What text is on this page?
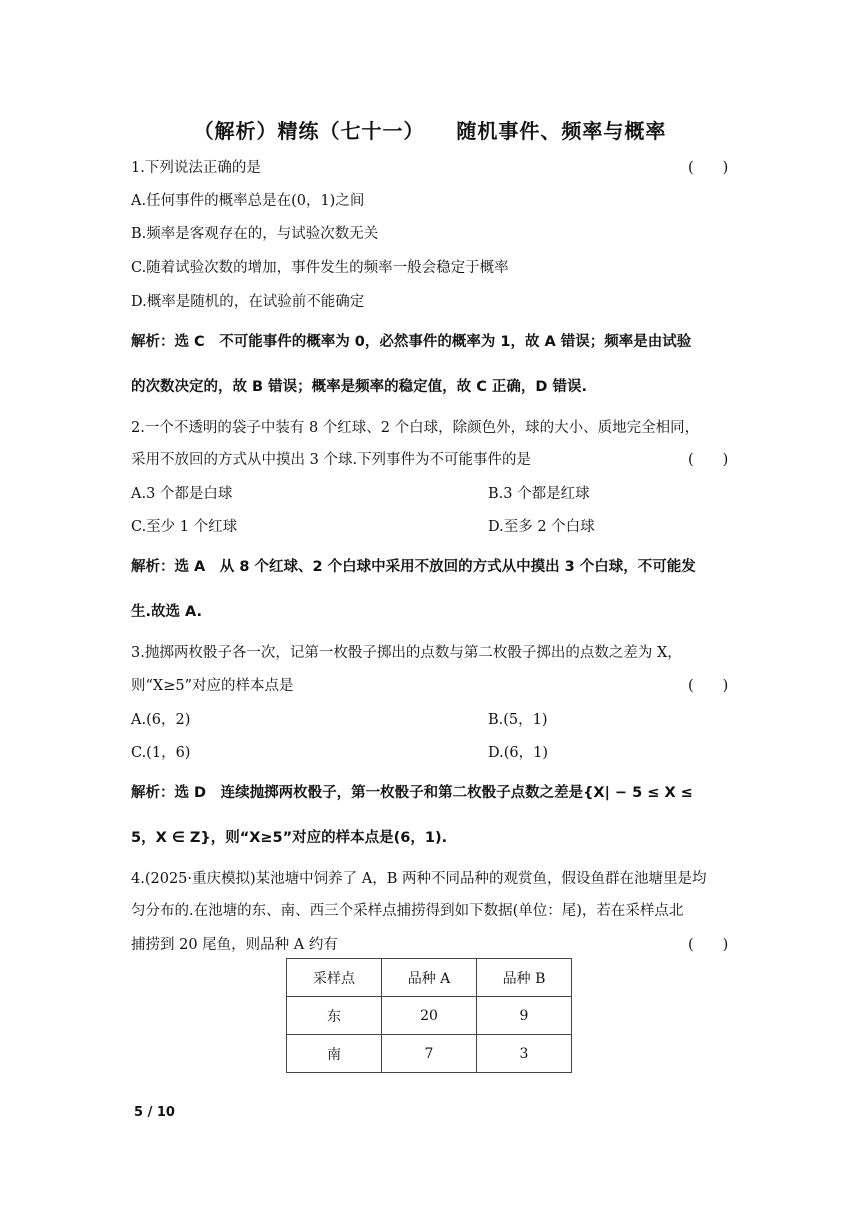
（解析）精练（七十一）    随机事件、频率与概率
1.下列说法正确的是	(　　)
A.任何事件的概率总是在(0，1)之间
B.频率是客观存在的，与试验次数无关
C.随着试验次数的增加，事件发生的频率一般会稳定于概率
D.概率是随机的，在试验前不能确定
解析：选 C　不可能事件的概率为 0，必然事件的概率为 1，故 A 错误；频率是由试验
的次数决定的，故 B 错误；概率是频率的稳定值，故 C 正确，D 错误.
2.一个不透明的袋子中装有 8 个红球、2 个白球，除颜色外，球的大小、质地完全相同，
采用不放回的方式从中摸出 3 个球.下列事件为不可能事件的是	(　　)
A.3 个都是白球	B.3 个都是红球
C.至少 1 个红球	D.至多 2 个白球
解析：选 A　从 8 个红球、2 个白球中采用不放回的方式从中摸出 3 个白球，不可能发
生.故选 A.
3.抛掷两枚骰子各一次，记第一枚骰子掷出的点数与第二枚骰子掷出的点数之差为 X，
则“X≥5”对应的样本点是	(　　)
A.(6，2)	B.(5，1)
C.(1，6)	D.(6，1)
解析：选 D　连续抛掷两枚骰子，第一枚骰子和第二枚骰子点数之差是{X| − 5 ≤ X ≤
5，X ∈ Z}，则“X≥5”对应的样本点是(6，1).
4.(2025·重庆模拟)某池塘中饲养了 A，B 两种不同品种的观赏鱼，假设鱼群在池塘里是均
匀分布的.在池塘的东、南、西三个采样点捕捞得到如下数据(单位：尾)，若在采样点北
捕捞到 20 尾鱼，则品种 A 约有	(　　)
采样点	品种 A	品种 B
东	20	9
南	7	3
5 / 10
